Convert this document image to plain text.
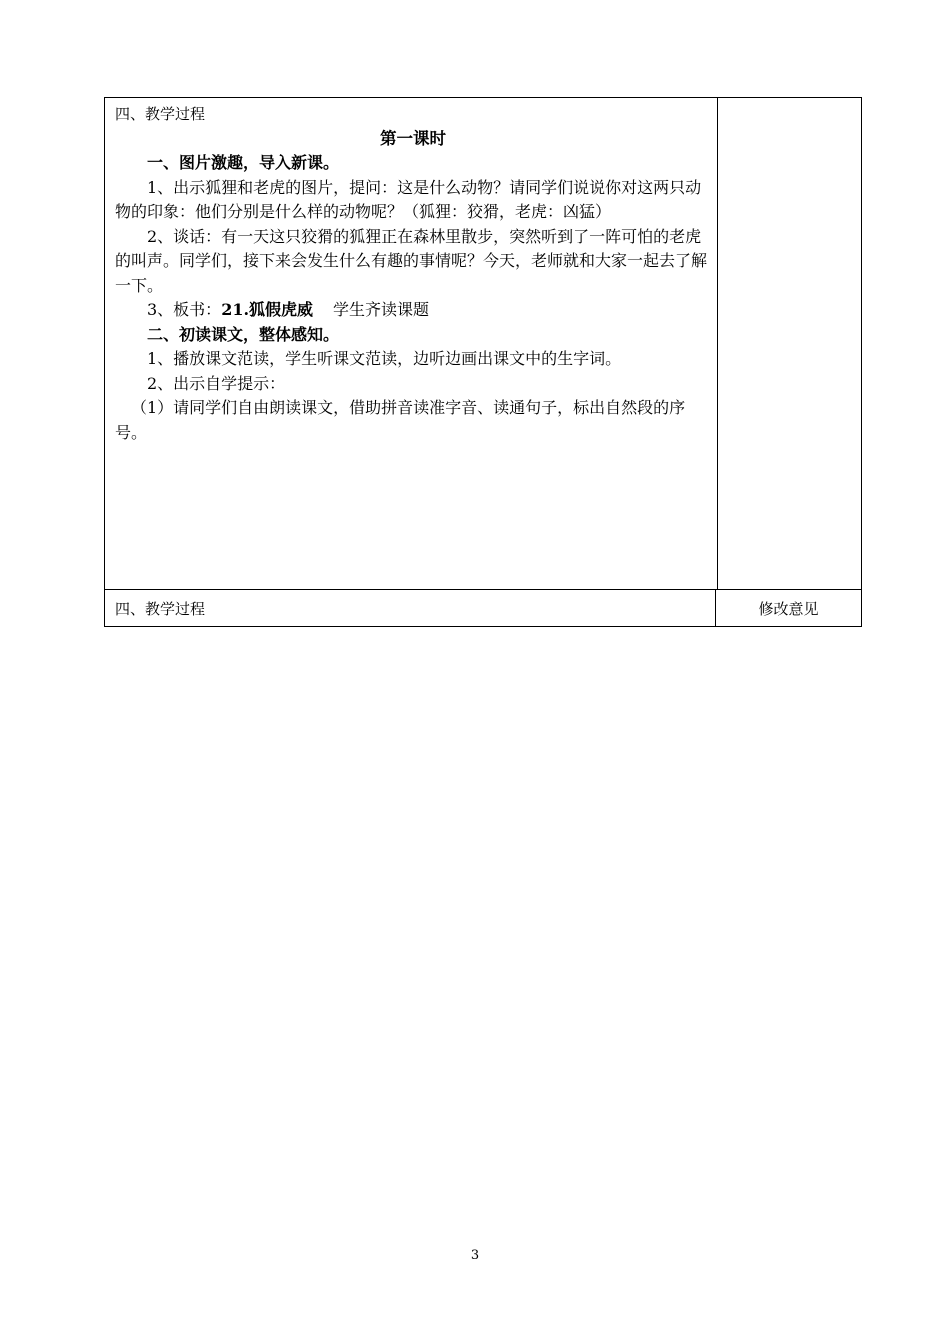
四、教学过程
第一课时

一、图片激趣，导入新课。

1、出示狐狸和老虎的图片，提问：这是什么动物？请同学们说说你对这两只动物的印象：他们分别是什么样的动物呢？（狐狸：狡猾，老虎：凶猛）

2、谈话：有一天这只狡猾的狐狸正在森林里散步，突然听到了一阵可怕的老虎的叫声。同学们，接下来会发生什么有趣的事情呢？今天，老师就和大家一起去了解一下。

3、板书：21.狐假虎威 学生齐读课题

二、初读课文，整体感知。

1、播放课文范读，学生听课文范读，边听边画出课文中的生字词。

2、出示自学提示：

（1）请同学们自由朗读课文，借助拼音读准字音、读通句子，标出自然段的序号。

四、教学过程	修改意见
3
